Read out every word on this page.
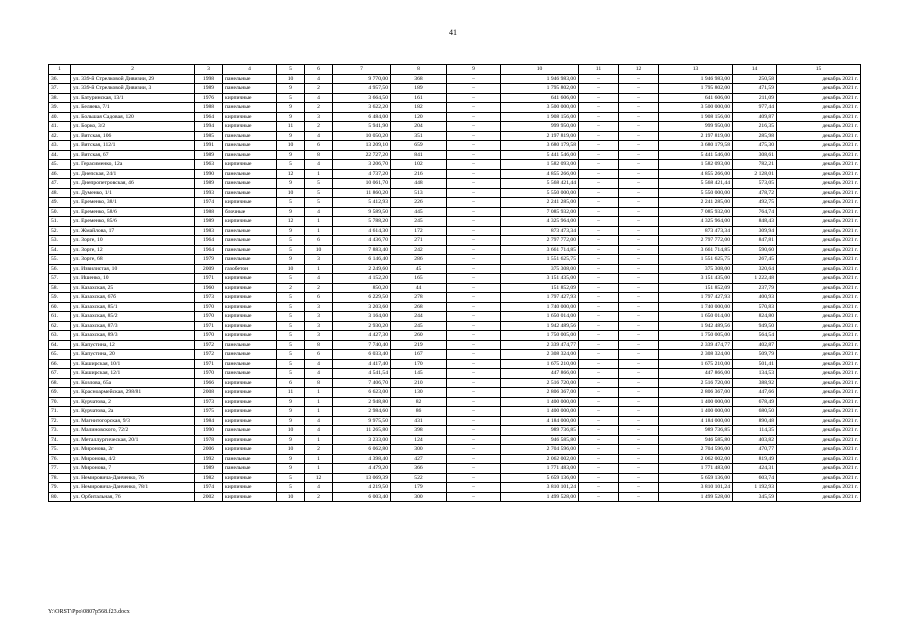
41
1	2	3	4	5	6	7	8	9	10	11	12	13	14	15
36.	ул. 339-й Стрелковой Дивизии, 29	1998	панельные	10	4	9 770,00	368	–	1 946 983,00	–	–	1 946 983,00	250,58	декабрь 2021 г.
37.	ул. 339-й Стрелковой Дивизии, 3	1989	панельные	9	2	4 957,50	189	–	1 795 802,00	–	–	1 795 802,00	471,59	декабрь 2021 г.
38.	ул. Батуринская, 13/1	1976	кирпичные	5	4	3 664,50	161	–	641 606,00	–	–	641 606,00	211,09	декабрь 2021 г.
39.	ул. Беляева, 7/1	1988	панельные	9	2	3 622,20	182	–	3 500 000,00	–	–	3 500 000,00	977,44	декабрь 2021 г.
40.	ул. Большая Садовая, 120	1964	кирпичные	9	3	6 484,00	120	–	1 908 156,00	–	–	1 908 156,00	409,87	декабрь 2021 г.
41.	ул. Борко, 3/2	1994	кирпичные	11	2	5 941,90	204	–	999 950,00	–	–	999 950,00	216,35	декабрь 2021 г.
42.	ул. Вятская, 106	1985	панельные	9	4	10 050,20	351	–	2 197 819,00	–	–	2 197 819,00	285,98	декабрь 2021 г.
43.	ул. Вятская, 112/1	1991	панельные	10	6	13 209,10	659	–	3 680 179,58	–	–	3 680 179,58	475,30	декабрь 2021 г.
44.	ул. Вятская, 67	1989	панельные	9	8	22 727,20	841	–	5 441 546,00	–	–	5 441 546,00	308,61	декабрь 2021 г.
45.	ул. Герасименко, 12а	1963	кирпичные	5	4	3 206,70	102	–	1 582 093,00	–	–	1 582 093,00	782,21	декабрь 2021 г.
46.	ул. Днепская, 24/1	1990	панельные	12	1	4 737,20	216	–	4 855 266,00	–	–	4 855 266,00	2 128,01	декабрь 2021 г.
47.	ул. Днепропетровская, 46	1989	панельные	9	5	10 061,70	448	–	5 568 421,44	–	–	5 568 421,44	573,05	декабрь 2021 г.
48.	ул. Думенко, 1/1	1993	панельные	10	5	11 860,20	513	–	5 550 000,00	–	–	5 550 000,00	478,72	декабрь 2021 г.
49.	ул. Еременко, 38/1	1974	кирпичные	5	5	5 412,93	226	–	2 241 285,00	–	–	2 241 285,00	492,75	декабрь 2021 г.
50.	ул. Еременко, 58/6	1988	блочные	9	4	9 589,50	445	–	7 085 932,00	–	–	7 085 932,00	764,74	декабрь 2021 г.
51.	ул. Еременко, 85/6	1989	кирпичные	12	1	5 788,20	245	–	4 325 964,00	–	–	4 325 964,00	848,43	декабрь 2021 г.
52.	ул. Жмайлова, 17	1983	панельные	9	1	4 614,30	172	–	873 473,34	–	–	873 473,34	309,94	декабрь 2021 г.
53.	ул. Зорге, 10	1964	панельные	5	6	4 436,70	271	–	2 797 772,00	–	–	2 797 772,00	847,81	декабрь 2021 г.
54.	ул. Зорге, 12	1964	панельные	5	10	7 883,40	242	–	3 661 714,85	–	–	3 661 714,85	590,60	декабрь 2021 г.
55.	ул. Зорге, 68	1979	панельные	9	3	6 146,40	286	–	1 551 625,75	–	–	1 551 625,75	267,45	декабрь 2021 г.
56.	ул. Извилистая, 10	2009	газобетон	10	1	2 249,60	45	–	375 308,00	–	–	375 308,00	320,64	декабрь 2021 г.
57.	ул. Ишенко, 10	1971	кирпичные	5	4	4 152,20	165	–	3 151 435,00	–	–	3 151 435,00	1 222,48	декабрь 2021 г.
58.	ул. Казахская, 25	1960	кирпичные	2	2	850,20	44	–	151 852,09	–	–	151 852,09	237,79	декабрь 2021 г.
59.	ул. Казахская, 67б	1973	кирпичные	5	6	6 229,50	278	–	1 797 427,93	–	–	1 797 427,93	400,93	декабрь 2021 г.
60.	ул. Казахская, 85/1	1970	кирпичные	5	3	3 203,60	268	–	1 740 000,00	–	–	1 740 000,00	570,83	декабрь 2021 г.
61.	ул. Казахская, 85/2	1970	кирпичные	5	3	3 164,00	244	–	1 650 014,00	–	–	1 650 014,00	824,80	декабрь 2021 г.
62.	ул. Казахская, 87/3	1971	кирпичные	5	3	2 930,20	245	–	1 942 489,56	–	–	1 942 489,56	949,50	декабрь 2021 г.
63.	ул. Казахская, 89/3	1970	кирпичные	5	3	4 427,30	260	–	1 750 005,00	–	–	1 750 005,00	564,54	декабрь 2021 г.
64.	ул. Капустина, 12	1972	панельные	5	8	7 740,40	219	–	2 339 474,77	–	–	2 339 474,77	402,87	декабрь 2021 г.
65.	ул. Капустина, 20	1972	панельные	5	6	6 033,40	167	–	2 308 324,00	–	–	2 308 324,00	509,79	декабрь 2021 г.
66.	ул. Каширская, 10/1	1971	панельные	5	4	4 417,40	170	–	1 675 210,00	–	–	1 675 210,00	501,41	декабрь 2021 г.
67.	ул. Каширская, 12/1	1970	панельные	5	4	4 541,54	145	–	447 866,00	–	–	447 866,00	134,53	декабрь 2021 г.
68.	ул. Козлова, 65а	1966	кирпичные	6	8	7 406,70	210	–	2 516 720,00	–	–	2 516 720,00	388,92	декабрь 2021 г.
69.	ул. Красноармейская, 298/81	2008	кирпичные	11	1	6 623,00	130	–	2 806 367,00	–	–	2 806 367,00	447,66	декабрь 2021 г.
70.	ул. Курчатова, 2	1973	кирпичные	9	1	2 948,80	82	–	1 400 000,00	–	–	1 400 000,00	678,49	декабрь 2021 г.
71.	ул. Курчатова, 2а	1975	кирпичные	9	1	2 984,60	86	–	1 400 000,00	–	–	1 400 000,00	680,50	декабрь 2021 г.
72.	ул. Магнитогорская, 9/3	1984	кирпичные	9	4	9 975,50	431	–	4 184 000,00	–	–	4 184 000,00	890,48	декабрь 2021 г.
73.	ул. Малиновского, 72/2	1990	панельные	10	4	11 265,80	398	–	989 736,85	–	–	989 736,85	114,35	декабрь 2021 г.
74.	ул. Металлургическая, 20/1	1978	кирпичные	9	1	3 233,00	124	–	946 585,80	–	–	946 585,80	403,82	декабрь 2021 г.
75.	ул. Миронова, 2г	2006	кирпичные	10	2	6 062,80	300	–	2 704 596,00	–	–	2 704 596,00	470,77	декабрь 2021 г.
76.	ул. Миронова, 4/2	1992	панельные	9	1	4 398,40	427	–	2 062 002,00	–	–	2 062 002,00	819,49	декабрь 2021 г.
77.	ул. Миронова, 7	1989	панельные	9	1	4 479,20	366	–	1 771 483,00	–	–	1 771 483,00	424,31	декабрь 2021 г.
78.	ул. Немировича-Данченко, 76	1982	кирпичные	5	12	13 069,39	522	–	5 659 136,00	–	–	5 659 136,00	603,74	декабрь 2021 г.
79.	ул. Немировича-Данченко, 78/1	1974	кирпичные	5	4	4 219,50	179	–	3 810 101,24	–	–	3 810 101,24	1 192,93	декабрь 2021 г.
80.	ул. Орбитальная, 76	2002	кирпичные	10	2	6 003,40	300	–	1 499 528,00	–	–	1 499 528,00	345,59	декабрь 2021 г.
Y:\ORST\Ppo\0807p568.f23.docx
